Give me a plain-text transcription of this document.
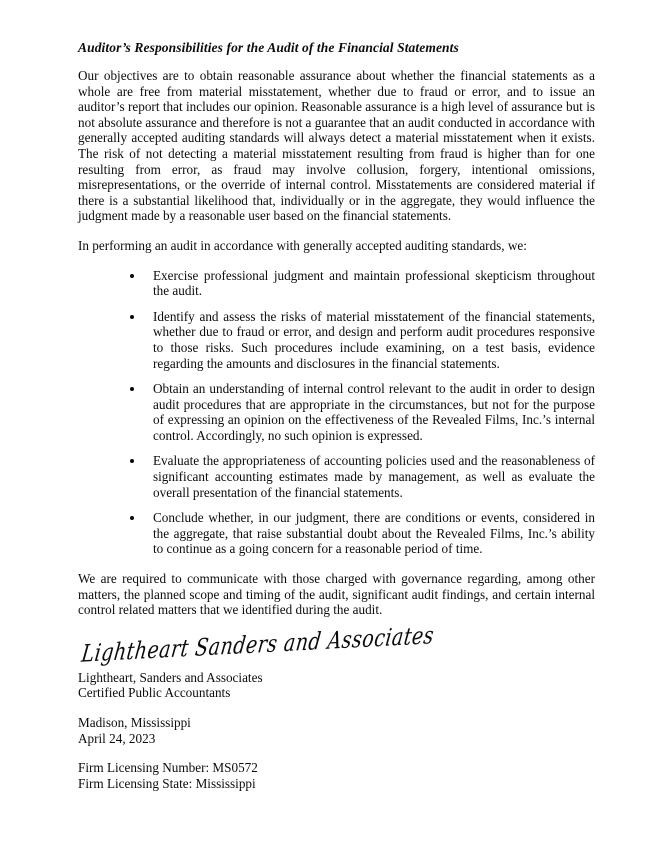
Auditor’s Responsibilities for the Audit of the Financial Statements

Our objectives are to obtain reasonable assurance about whether the financial statements as a whole are free from material misstatement, whether due to fraud or error, and to issue an auditor’s report that includes our opinion. Reasonable assurance is a high level of assurance but is not absolute assurance and therefore is not a guarantee that an audit conducted in accordance with generally accepted auditing standards will always detect a material misstatement when it exists. The risk of not detecting a material misstatement resulting from fraud is higher than for one resulting from error, as fraud may involve collusion, forgery, intentional omissions, misrepresentations, or the override of internal control. Misstatements are considered material if there is a substantial likelihood that, individually or in the aggregate, they would influence the judgment made by a reasonable user based on the financial statements.

In performing an audit in accordance with generally accepted auditing standards, we:

• Exercise professional judgment and maintain professional skepticism throughout the audit.
• Identify and assess the risks of material misstatement of the financial statements, whether due to fraud or error, and design and perform audit procedures responsive to those risks. Such procedures include examining, on a test basis, evidence regarding the amounts and disclosures in the financial statements.
• Obtain an understanding of internal control relevant to the audit in order to design audit procedures that are appropriate in the circumstances, but not for the purpose of expressing an opinion on the effectiveness of the Revealed Films, Inc.’s internal control. Accordingly, no such opinion is expressed.
• Evaluate the appropriateness of accounting policies used and the reasonableness of significant accounting estimates made by management, as well as evaluate the overall presentation of the financial statements.
• Conclude whether, in our judgment, there are conditions or events, considered in the aggregate, that raise substantial doubt about the Revealed Films, Inc.’s ability to continue as a going concern for a reasonable period of time.

We are required to communicate with those charged with governance regarding, among other matters, the planned scope and timing of the audit, significant audit findings, and certain internal control related matters that we identified during the audit.

Lightheart Sanders and Associates

Lightheart, Sanders and Associates

Certified Public Accountants

Madison, Mississippi

April 24, 2023

Firm Licensing Number: MS0572

Firm Licensing State: Mississippi
